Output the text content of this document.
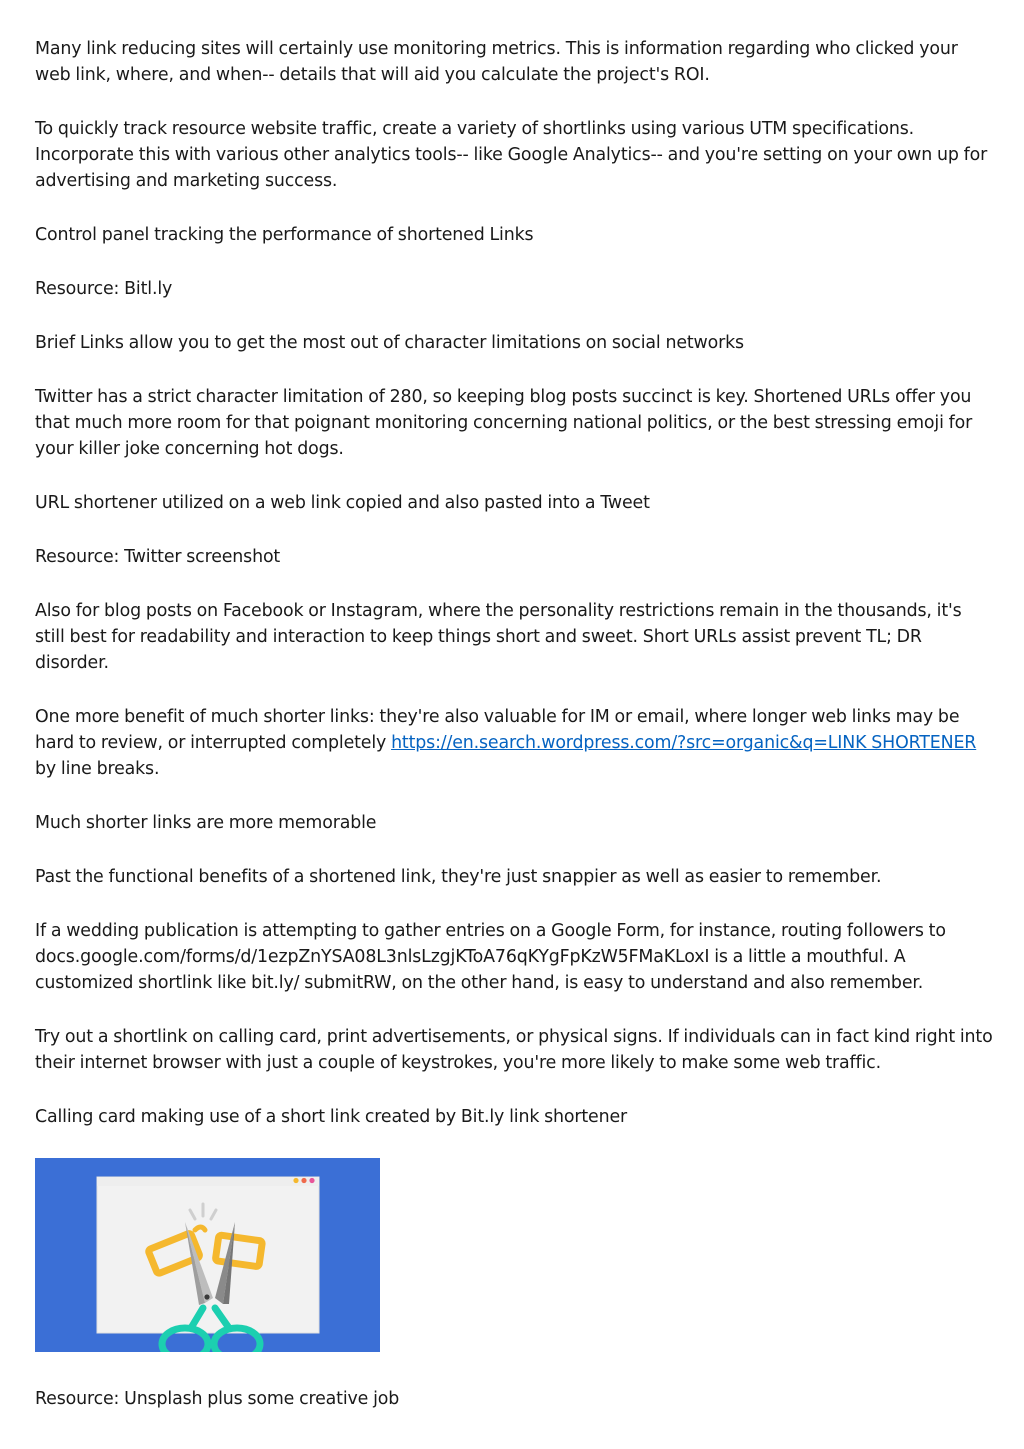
Many link reducing sites will certainly use monitoring metrics. This is information regarding who clicked your web link, where, and when-- details that will aid you calculate the project's ROI.

To quickly track resource website traffic, create a variety of shortlinks using various UTM specifications. Incorporate this with various other analytics tools-- like Google Analytics-- and you're setting on your own up for advertising and marketing success.

Control panel tracking the performance of shortened Links

Resource: Bitl.ly

Brief Links allow you to get the most out of character limitations on social networks

Twitter has a strict character limitation of 280, so keeping blog posts succinct is key. Shortened URLs offer you that much more room for that poignant monitoring concerning national politics, or the best stressing emoji for your killer joke concerning hot dogs.

URL shortener utilized on a web link copied and also pasted into a Tweet

Resource: Twitter screenshot

Also for blog posts on Facebook or Instagram, where the personality restrictions remain in the thousands, it's still best for readability and interaction to keep things short and sweet. Short URLs assist prevent TL; DR disorder.

One more benefit of much shorter links: they're also valuable for IM or email, where longer web links may be hard to review, or interrupted completely https://en.search.wordpress.com/?src=organic&q=LINK SHORTENER by line breaks.

Much shorter links are more memorable

Past the functional benefits of a shortened link, they're just snappier as well as easier to remember.

If a wedding publication is attempting to gather entries on a Google Form, for instance, routing followers to docs.google.com/forms/d/1ezpZnYSA08L3nlsLzgjKToA76qKYgFpKzW5FMaKLoxI is a little a mouthful. A customized shortlink like bit.ly/ submitRW, on the other hand, is easy to understand and also remember.

Try out a shortlink on calling card, print advertisements, or physical signs. If individuals can in fact kind right into their internet browser with just a couple of keystrokes, you're more likely to make some web traffic.

Calling card making use of a short link created by Bit.ly link shortener

Resource: Unsplash plus some creative job
